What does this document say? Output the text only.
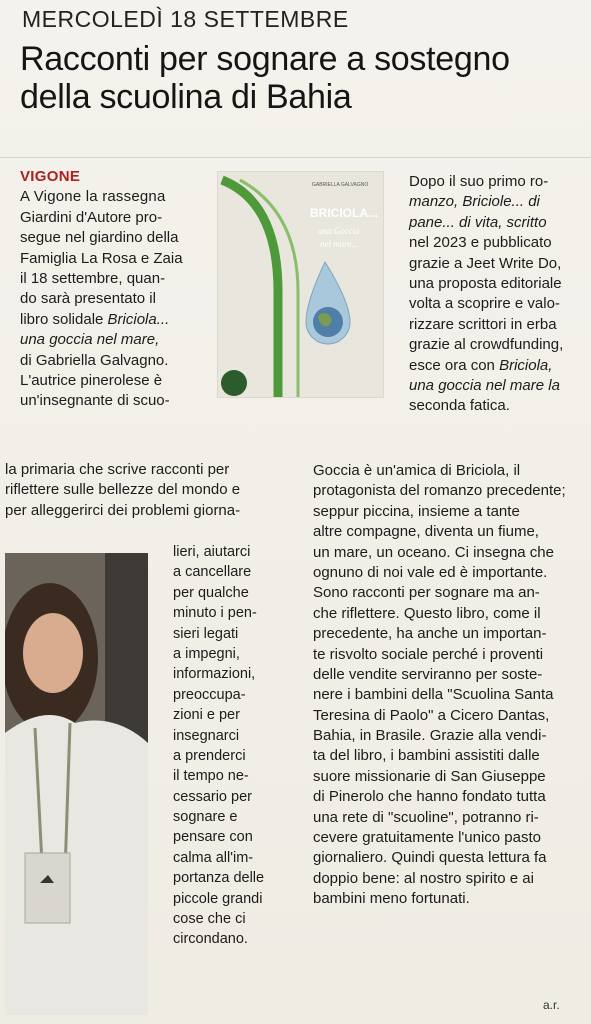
MERCOLEDÌ 18 SETTEMBRE
Racconti per sognare a sostegno
della scuolina di Bahia
VIGONE
A Vigone la rassegna
Giardini d'Autore pro-
segue nel giardino della
Famiglia La Rosa e Zaia
il 18 settembre, quan-
do sarà presentato il
libro solidale Briciola...
una goccia nel mare,
di Gabriella Galvagno.
L'autrice pinerolese è
un'insegnante di scuo-
la primaria che scrive racconti per
riflettere sulle bellezze del mondo e
per alleggerirci dei problemi giorna-
GABRIELLA GALVAGNO
BRICIOLA...
una Goccia
nel mare...
Dopo il suo primo ro-
manzo, Briciole... di
pane... di vita, scritto
nel 2023 e pubblicato
grazie a Jeet Write Do,
una proposta editoriale
volta a scoprire e valo-
rizzare scrittori in erba
grazie al crowdfunding,
esce ora con Briciola,
una goccia nel mare la
seconda fatica.
lieri, aiutarci
a cancellare
per qualche
minuto i pen-
sieri legati
a impegni,
informazioni,
preoccupa-
zioni e per
insegnarci
a prenderci
il tempo ne-
cessario per
sognare e
pensare con
calma all'im-
portanza delle
piccole grandi
cose che ci
circondano.
Goccia è un'amica di Briciola, il
protagonista del romanzo precedente;
seppur piccina, insieme a tante
altre compagne, diventa un fiume,
un mare, un oceano. Ci insegna che
ognuno di noi vale ed è importante.
Sono racconti per sognare ma an-
che riflettere. Questo libro, come il
precedente, ha anche un importan-
te risvolto sociale perché i proventi
delle vendite serviranno per soste-
nere i bambini della "Scuolina Santa
Teresina di Paolo" a Cicero Dantas,
Bahia, in Brasile. Grazie alla vendi-
ta del libro, i bambini assistiti dalle
suore missionarie di San Giuseppe
di Pinerolo che hanno fondato tutta
una rete di "scuoline", potranno ri-
cevere gratuitamente l'unico pasto
giornaliero. Quindi questa lettura fa
doppio bene: al nostro spirito e ai
bambini meno fortunati.
a.r.
